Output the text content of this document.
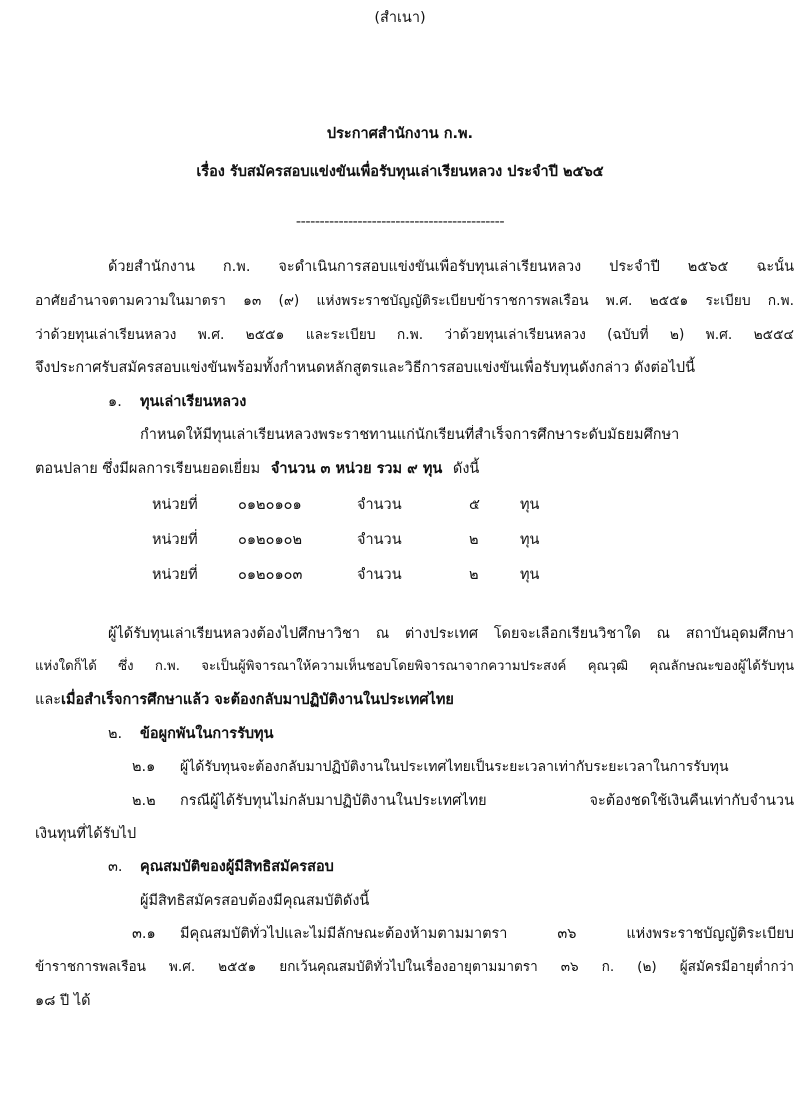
(สำเนา)
ประกาศสำนักงาน ก.พ.
เรื่อง รับสมัครสอบแข่งขันเพื่อรับทุนเล่าเรียนหลวง ประจำปี ๒๕๖๕
--------------------------------------------
ด้วยสำนักงาน ก.พ. จะดำเนินการสอบแข่งขันเพื่อรับทุนเล่าเรียนหลวง ประจำปี ๒๕๖๕ ฉะนั้น
อาศัยอำนาจตามความในมาตรา ๑๓ (๙) แห่งพระราชบัญญัติระเบียบข้าราชการพลเรือน พ.ศ. ๒๕๕๑ ระเบียบ ก.พ.
ว่าด้วยทุนเล่าเรียนหลวง พ.ศ. ๒๕๕๑ และระเบียบ ก.พ. ว่าด้วยทุนเล่าเรียนหลวง (ฉบับที่ ๒) พ.ศ. ๒๕๕๔
จึงประกาศรับสมัครสอบแข่งขันพร้อมทั้งกำหนดหลักสูตรและวิธีการสอบแข่งขันเพื่อรับทุนดังกล่าว ดังต่อไปนี้
๑. ทุนเล่าเรียนหลวง
กำหนดให้มีทุนเล่าเรียนหลวงพระราชทานแก่นักเรียนที่สำเร็จการศึกษาระดับมัธยมศึกษา
ตอนปลาย ซึ่งมีผลการเรียนยอดเยี่ยม จำนวน ๓ หน่วย รวม ๙ ทุน ดังนี้
หน่วยที่	๐๑๒๐๑๐๑	จำนวน	๕	ทุน
หน่วยที่	๐๑๒๐๑๐๒	จำนวน	๒	ทุน
หน่วยที่	๐๑๒๐๑๐๓	จำนวน	๒	ทุน
ผู้ได้รับทุนเล่าเรียนหลวงต้องไปศึกษาวิชา ณ ต่างประเทศ โดยจะเลือกเรียนวิชาใด ณ สถาบันอุดมศึกษา
แห่งใดก็ได้ ซึ่ง ก.พ. จะเป็นผู้พิจารณาให้ความเห็นชอบโดยพิจารณาจากความประสงค์ คุณวุฒิ คุณลักษณะของผู้ได้รับทุน
และเมื่อสำเร็จการศึกษาแล้ว จะต้องกลับมาปฏิบัติงานในประเทศไทย
๒. ข้อผูกพันในการรับทุน
๒.๑ ผู้ได้รับทุนจะต้องกลับมาปฏิบัติงานในประเทศไทยเป็นระยะเวลาเท่ากับระยะเวลาในการรับทุน
๒.๒ กรณีผู้ได้รับทุนไม่กลับมาปฏิบัติงานในประเทศไทย จะต้องชดใช้เงินคืนเท่ากับจำนวน
เงินทุนที่ได้รับไป
๓. คุณสมบัติของผู้มีสิทธิสมัครสอบ
ผู้มีสิทธิสมัครสอบต้องมีคุณสมบัติดังนี้
๓.๑ มีคุณสมบัติทั่วไปและไม่มีลักษณะต้องห้ามตามมาตรา ๓๖ แห่งพระราชบัญญัติระเบียบ
ข้าราชการพลเรือน พ.ศ. ๒๕๕๑ ยกเว้นคุณสมบัติทั่วไปในเรื่องอายุตามมาตรา ๓๖ ก. (๒) ผู้สมัครมีอายุต่ำกว่า
๑๘ ปี ได้
